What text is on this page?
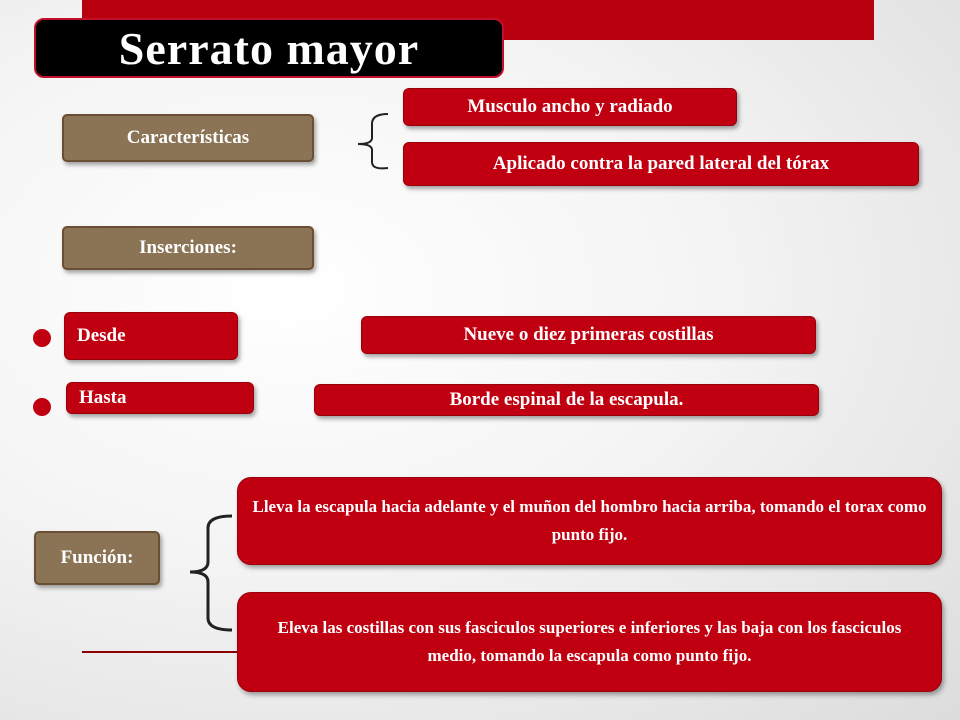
Serrato mayor
Características
Musculo ancho y radiado
Aplicado contra la pared lateral del tórax
Inserciones:
Desde	Nueve o diez primeras costillas
Hasta	Borde espinal de la escapula.
Función:
Lleva la escapula hacia adelante y el muñon del hombro hacia arriba, tomando el torax como punto fijo.
Eleva las costillas con sus fasciculos superiores e inferiores y las baja con los fasciculos medio, tomando la escapula como punto fijo.
